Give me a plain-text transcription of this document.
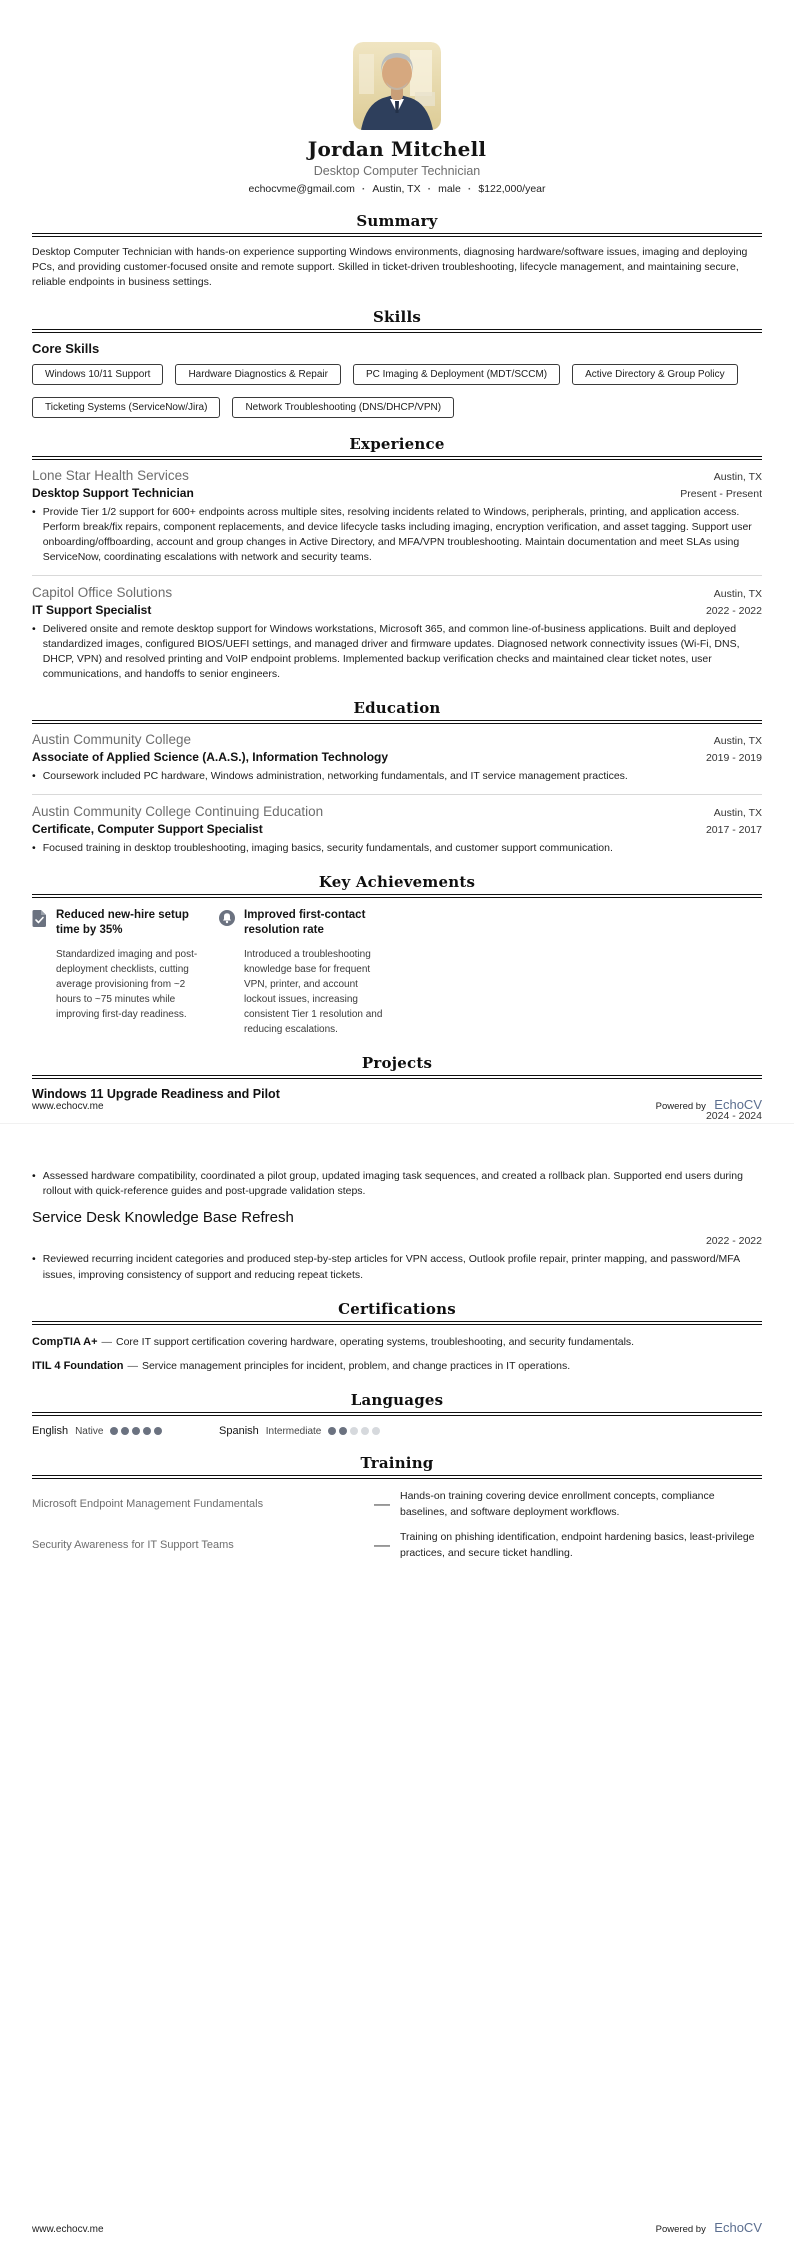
Jordan Mitchell
Desktop Computer Technician
echocvme@gmail.com · Austin, TX · male · $122,000/year
Summary

Desktop Computer Technician with hands-on experience supporting Windows environments, diagnosing hardware/software issues, imaging and deploying PCs, and providing customer-focused onsite and remote support. Skilled in ticket-driven troubleshooting, lifecycle management, and maintaining secure, reliable endpoints in business settings.

Skills
Core Skills
Windows 10/11 Support	Hardware Diagnostics & Repair	PC Imaging & Deployment (MDT/SCCM)	Active Directory & Group Policy
Ticketing Systems (ServiceNow/Jira)	Network Troubleshooting (DNS/DHCP/VPN)
Experience
Lone Star Health Services	Austin, TX
Desktop Support Technician	Present - Present
• Provide Tier 1/2 support for 600+ endpoints across multiple sites, resolving incidents related to Windows, peripherals, printing, and application access. Perform break/fix repairs, component replacements, and device lifecycle tasks including imaging, encryption verification, and asset tagging. Support user onboarding/offboarding, account and group changes in Active Directory, and MFA/VPN troubleshooting. Maintain documentation and meet SLAs using ServiceNow, coordinating escalations with network and security teams.
Capitol Office Solutions	Austin, TX
IT Support Specialist	2022 - 2022
• Delivered onsite and remote desktop support for Windows workstations, Microsoft 365, and common line-of-business applications. Built and deployed standardized images, configured BIOS/UEFI settings, and managed driver and firmware updates. Diagnosed network connectivity issues (Wi-Fi, DNS, DHCP, VPN) and resolved printing and VoIP endpoint problems. Implemented backup verification checks and maintained clear ticket notes, user communications, and handoffs to senior engineers.
Education
Austin Community College	Austin, TX
Associate of Applied Science (A.A.S.), Information Technology	2019 - 2019
• Coursework included PC hardware, Windows administration, networking fundamentals, and IT service management practices.
Austin Community College Continuing Education	Austin, TX
Certificate, Computer Support Specialist	2017 - 2017
• Focused training in desktop troubleshooting, imaging basics, security fundamentals, and customer support communication.
Key Achievements
Reduced new-hire setup time by 35%
Standardized imaging and post-deployment checklists, cutting average provisioning from ~2 hours to ~75 minutes while improving first-day readiness.
Improved first-contact resolution rate
Introduced a troubleshooting knowledge base for frequent VPN, printer, and account lockout issues, increasing consistent Tier 1 resolution and reducing escalations.
Projects
Windows 11 Upgrade Readiness and Pilot
2024 - 2024
www.echocv.me	Powered by EchoCV
• Assessed hardware compatibility, coordinated a pilot group, updated imaging task sequences, and created a rollback plan. Supported end users during rollout with quick-reference guides and post-upgrade validation steps.
Service Desk Knowledge Base Refresh
2022 - 2022
• Reviewed recurring incident categories and produced step-by-step articles for VPN access, Outlook profile repair, printer mapping, and password/MFA issues, improving consistency of support and reducing repeat tickets.
Certifications
CompTIA A+ — Core IT support certification covering hardware, operating systems, troubleshooting, and security fundamentals.
ITIL 4 Foundation — Service management principles for incident, problem, and change practices in IT operations.
Languages
English Native	Spanish Intermediate
Training
Microsoft Endpoint Management Fundamentals	— Hands-on training covering device enrollment concepts, compliance baselines, and software deployment workflows.
Security Awareness for IT Support Teams	— Training on phishing identification, endpoint hardening basics, least-privilege practices, and secure ticket handling.
www.echocv.me	Powered by EchoCV
